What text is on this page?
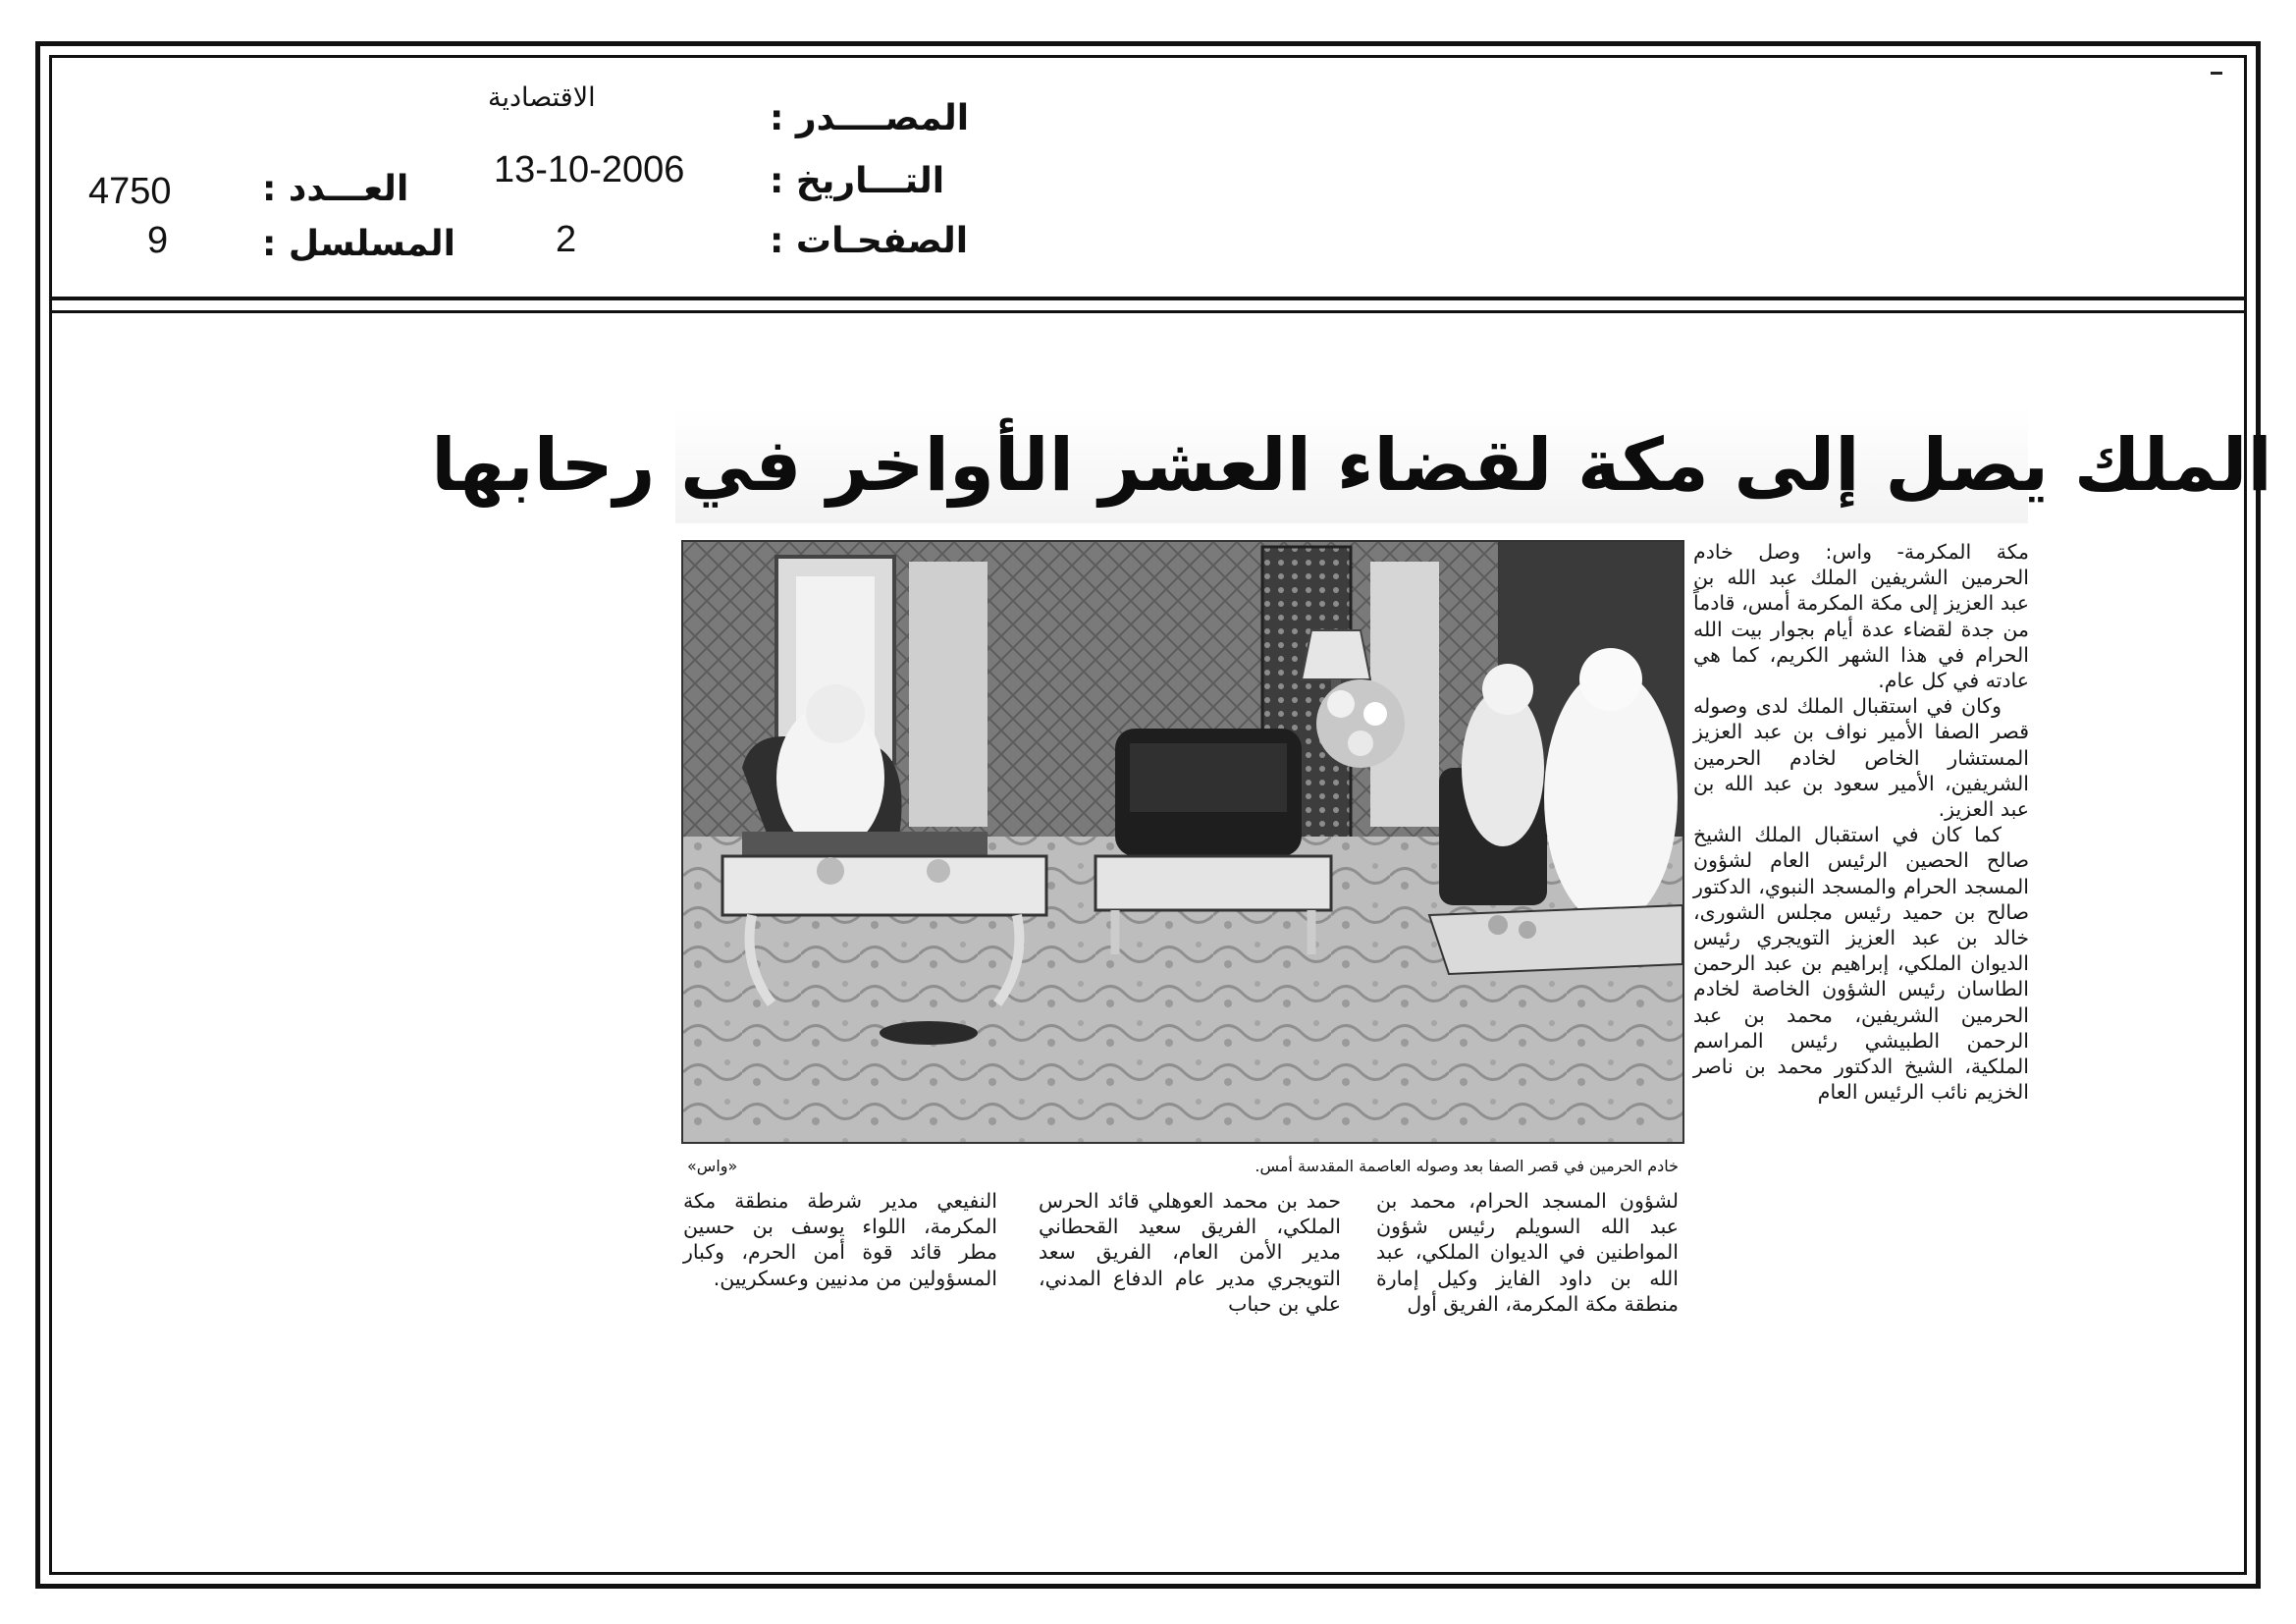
المصــــدر :
الاقتصادية
التـــاريخ :
13-10-2006
الصفحـات :
2
العـــدد :
4750
المسلسل :
9
الملك يصل إلى مكة لقضاء العشر الأواخر في رحابها
خادم الحرمين في قصر الصفا بعد وصوله العاصمة المقدسة أمس.
«واس»

مكة المكرمة- واس: وصل خادم الحرمين الشريفين الملك عبد الله بن عبد العزيز إلى مكة المكرمة أمس، قادماً من جدة لقضاء عدة أيام بجوار بيت الله الحرام في هذا الشهر الكريم، كما هي عادته في كل عام.

وكان في استقبال الملك لدى وصوله قصر الصفا الأمير نواف بن عبد العزيز المستشار الخاص لخادم الحرمين الشريفين، الأمير سعود بن عبد الله بن عبد العزيز.

كما كان في استقبال الملك الشيخ صالح الحصين الرئيس العام لشؤون المسجد الحرام والمسجد النبوي، الدكتور صالح بن حميد رئيس مجلس الشورى، خالد بن عبد العزيز التويجري رئيس الديوان الملكي، إبراهيم بن عبد الرحمن الطاسان رئيس الشؤون الخاصة لخادم الحرمين الشريفين، محمد بن عبد الرحمن الطبيشي رئيس المراسم الملكية، الشيخ الدكتور محمد بن ناصر الخزيم نائب الرئيس العام

لشؤون المسجد الحرام، محمد بن عبد الله السويلم رئيس شؤون المواطنين في الديوان الملكي، عبد الله بن داود الفايز وكيل إمارة منطقة مكة المكرمة، الفريق أول

حمد بن محمد العوهلي قائد الحرس الملكي، الفريق سعيد القحطاني مدير الأمن العام، الفريق سعد التويجري مدير عام الدفاع المدني، علي بن حباب

النفيعي مدير شرطة منطقة مكة المكرمة، اللواء يوسف بن حسين مطر قائد قوة أمن الحرم، وكبار المسؤولين من مدنيين وعسكريين.
